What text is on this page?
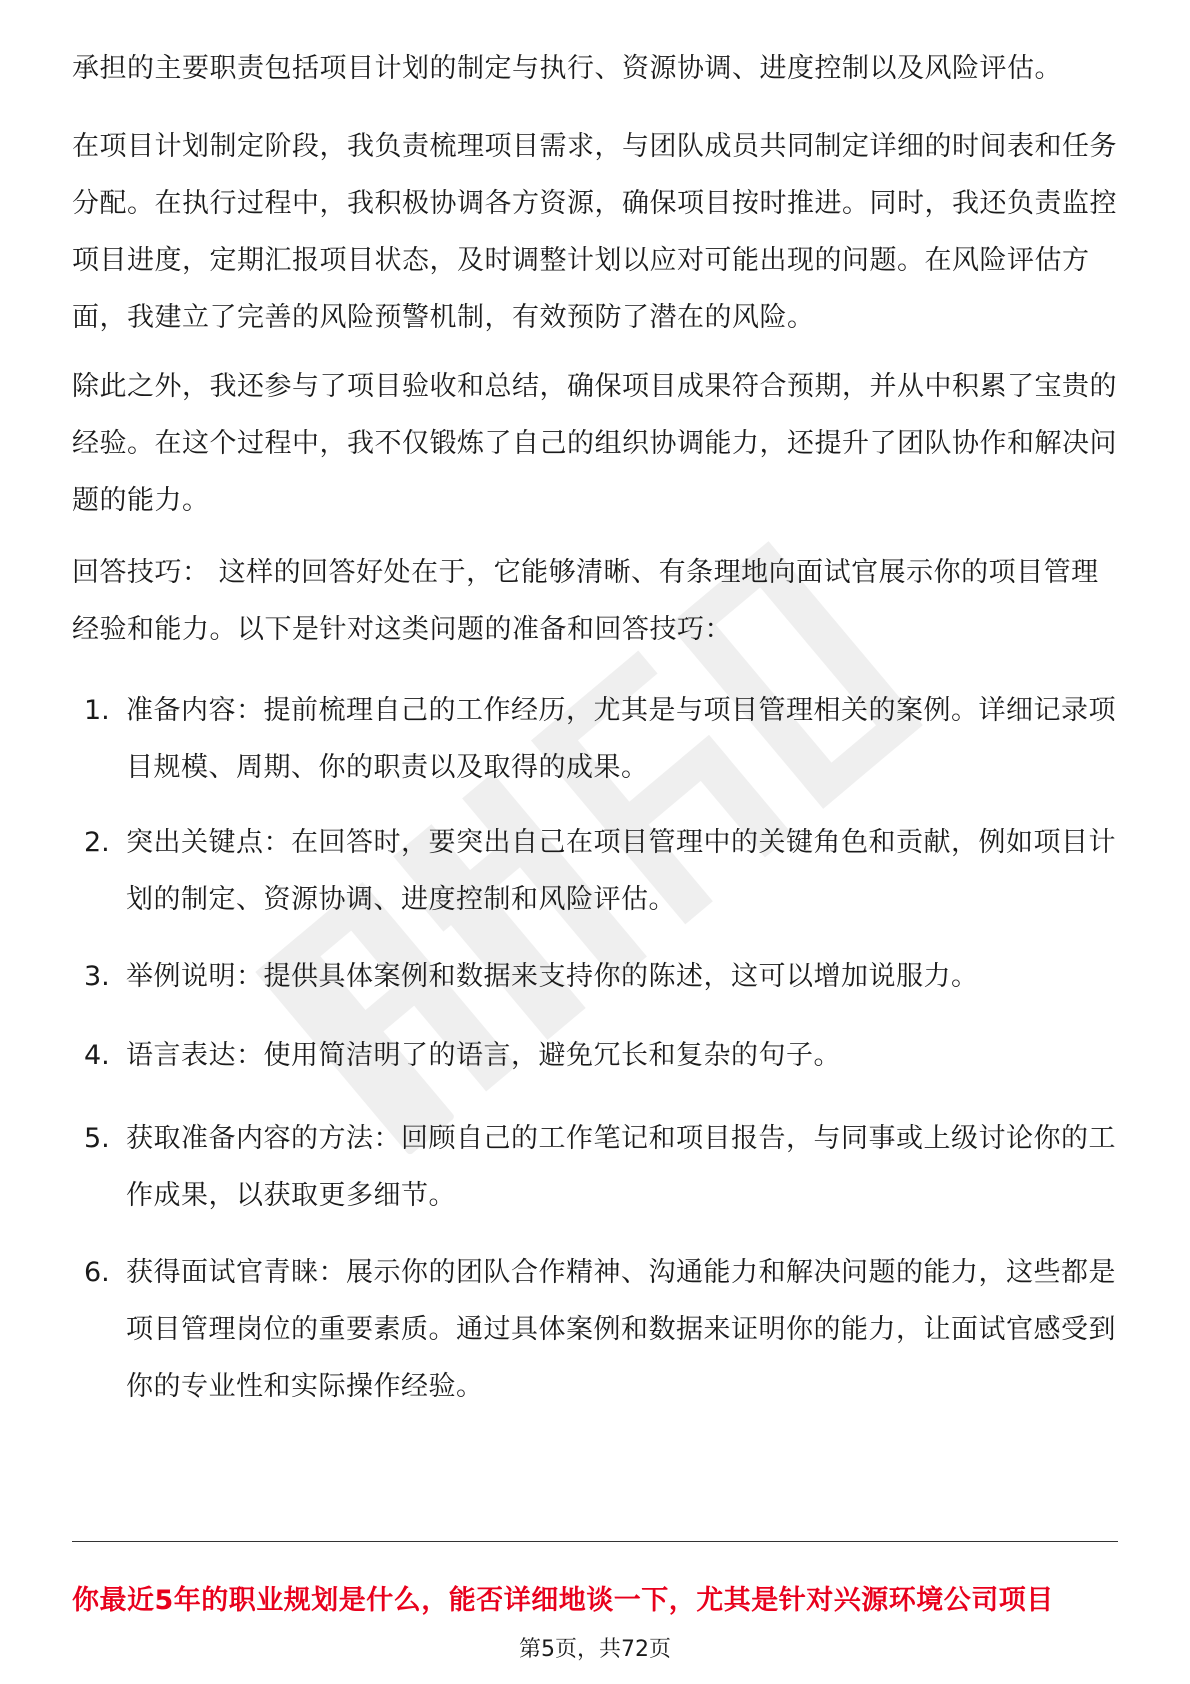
承担的主要职责包括项目计划的制定与执行、资源协调、进度控制以及风险评估。

在项目计划制定阶段，我负责梳理项目需求，与团队成员共同制定详细的时间表和任务分配。在执行过程中，我积极协调各方资源，确保项目按时推进。同时，我还负责监控项目进度，定期汇报项目状态，及时调整计划以应对可能出现的问题。在风险评估方面，我建立了完善的风险预警机制，有效预防了潜在的风险。

除此之外，我还参与了项目验收和总结，确保项目成果符合预期，并从中积累了宝贵的经验。在这个过程中，我不仅锻炼了自己的组织协调能力，还提升了团队协作和解决问题的能力。

回答技巧： 这样的回答好处在于，它能够清晰、有条理地向面试官展示你的项目管理经验和能力。以下是针对这类问题的准备和回答技巧：

1. 准备内容：提前梳理自己的工作经历，尤其是与项目管理相关的案例。详细记录项目规模、周期、你的职责以及取得的成果。
2. 突出关键点：在回答时，要突出自己在项目管理中的关键角色和贡献，例如项目计划的制定、资源协调、进度控制和风险评估。
3. 举例说明：提供具体案例和数据来支持你的陈述，这可以增加说服力。
4. 语言表达：使用简洁明了的语言，避免冗长和复杂的句子。
5. 获取准备内容的方法：回顾自己的工作笔记和项目报告，与同事或上级讨论你的工作成果，以获取更多细节。
6. 获得面试官青睐：展示你的团队合作精神、沟通能力和解决问题的能力，这些都是项目管理岗位的重要素质。通过具体案例和数据来证明你的能力，让面试官感受到你的专业性和实际操作经验。
你最近5年的职业规划是什么，能否详细地谈一下，尤其是针对兴源环境公司项目
第5页，共72页
